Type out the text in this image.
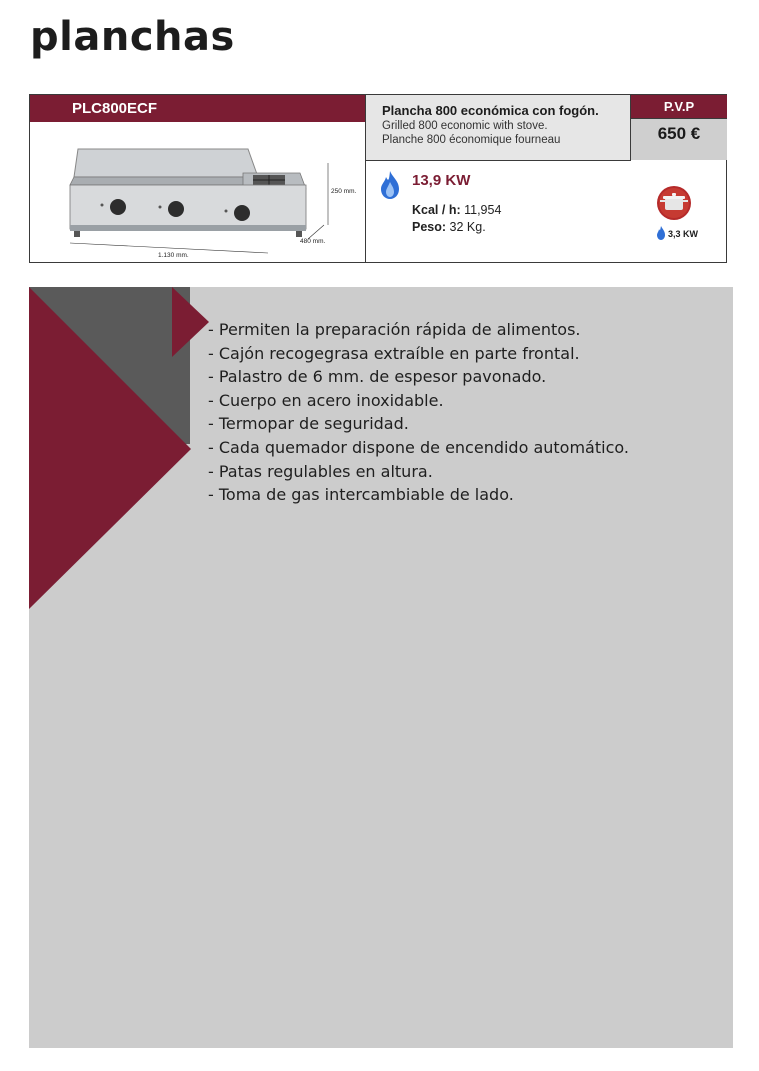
planchas
PLC800ECF
1.130 mm.
250 mm.
480 mm.
Plancha 800 económica con fogón.
Grilled 800 economic with stove.
Planche 800 économique fourneau
P.V.P
650 €
13,9 KW
Kcal / h: 11,954
Peso: 32 Kg.	3,3 KW
- Permiten la preparación rápida de alimentos.
- Cajón recogegrasa extraíble en parte frontal.
- Palastro de 6 mm. de espesor pavonado.
- Cuerpo en acero inoxidable.
- Termopar de seguridad.
- Cada quemador dispone de encendido automático.
- Patas regulables en altura.
- Toma de gas intercambiable de lado.
